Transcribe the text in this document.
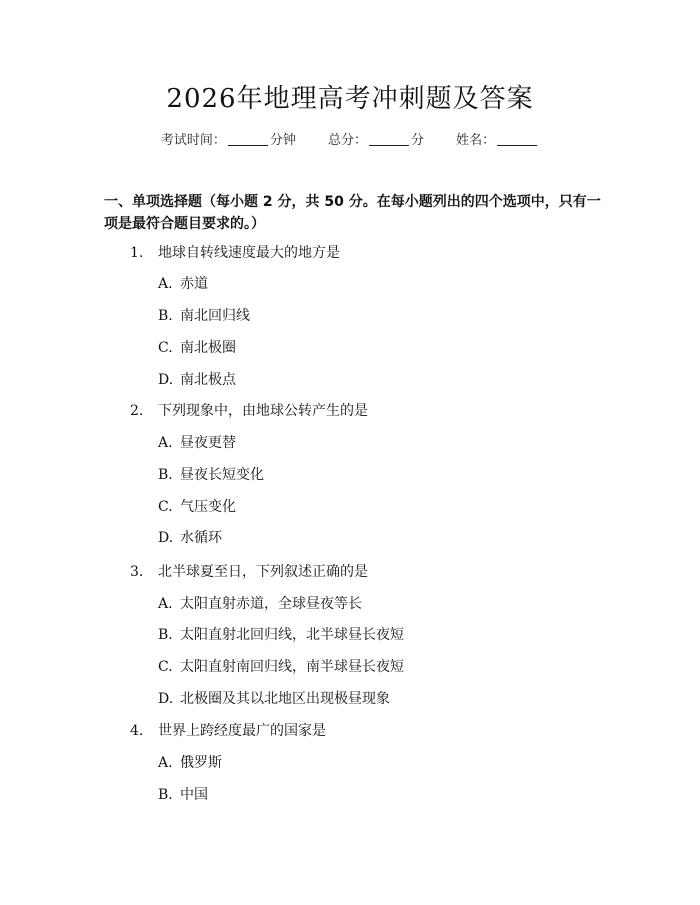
2026年地理高考冲刺题及答案
考试时间：	分钟 总分：	分 姓名：
一、单项选择题（每小题 2 分，共 50 分。在每小题列出的四个选项中，只有一项是最符合题目要求的。）
1. 地球自转线速度最大的地方是
A. 赤道
B. 南北回归线
C. 南北极圈
D. 南北极点
2. 下列现象中，由地球公转产生的是
A. 昼夜更替
B. 昼夜长短变化
C. 气压变化
D. 水循环
3. 北半球夏至日，下列叙述正确的是
A. 太阳直射赤道，全球昼夜等长
B. 太阳直射北回归线，北半球昼长夜短
C. 太阳直射南回归线，南半球昼长夜短
D. 北极圈及其以北地区出现极昼现象
4. 世界上跨经度最广的国家是
A. 俄罗斯
B. 中国
